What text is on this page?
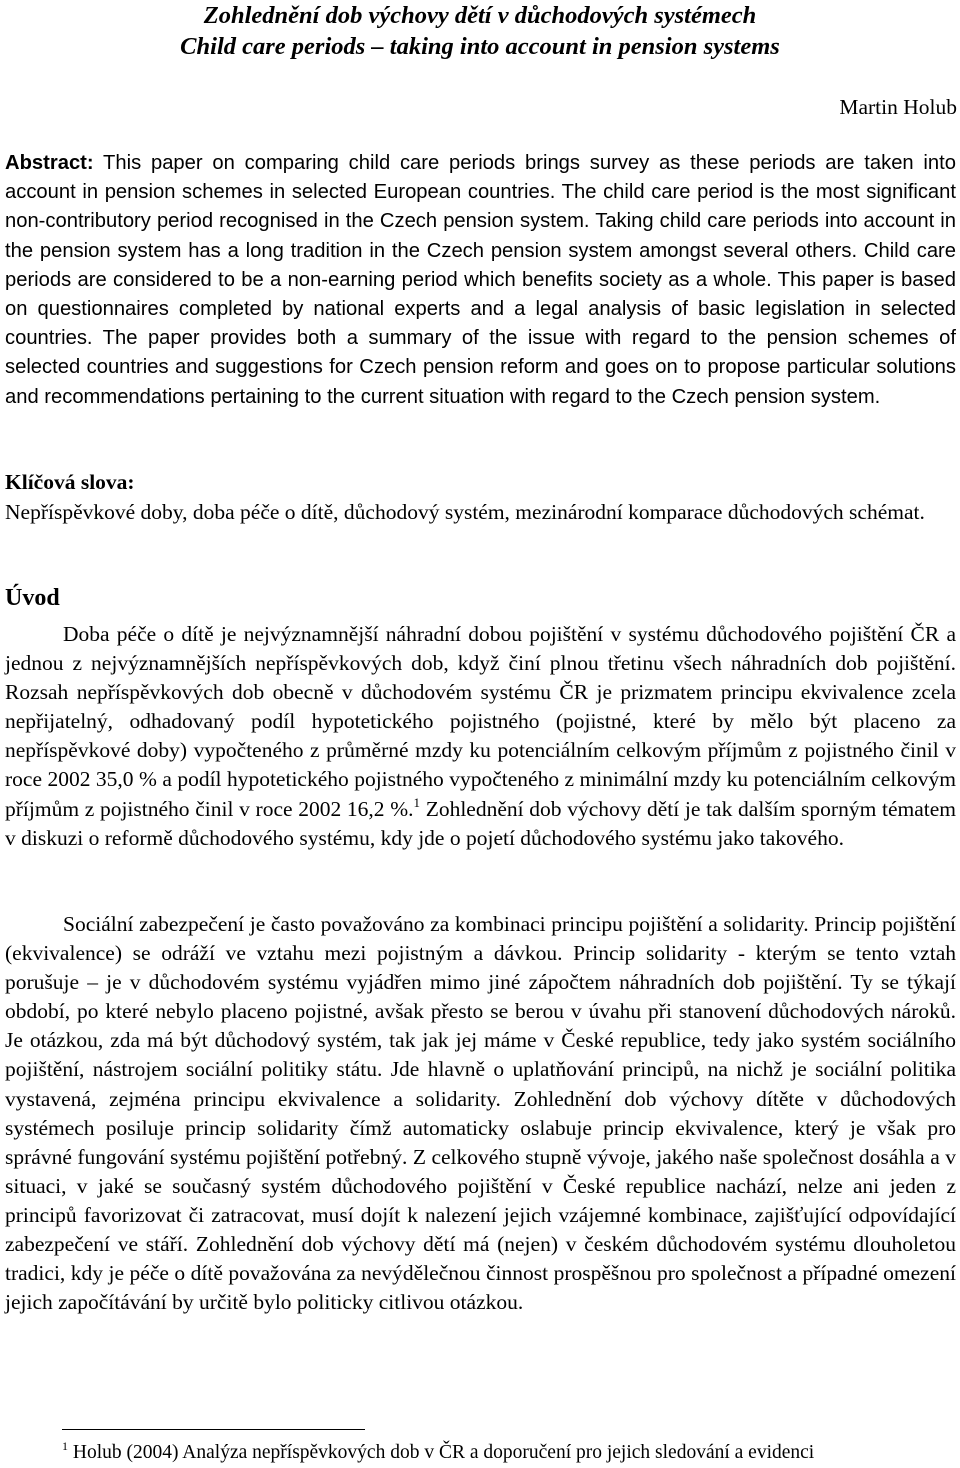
Zohlednění dob výchovy dětí v důchodových systémech
Child care periods – taking into account in pension systems

Martin Holub

Abstract: This paper on comparing child care periods brings survey as these periods are taken into account in pension schemes in selected European countries. The child care period is the most significant non-contributory period recognised in the Czech pension system. Taking child care periods into account in the pension system has a long tradition in the Czech pension system amongst several others. Child care periods are considered to be a non-earning period which benefits society as a whole. This paper is based on questionnaires completed by national experts and a legal analysis of basic legislation in selected countries. The paper provides both a summary of the issue with regard to the pension schemes of selected countries and suggestions for Czech pension reform and goes on to propose particular solutions and recommendations pertaining to the current situation with regard to the Czech pension system.

Klíčová slova:

Nepříspěvkové doby, doba péče o dítě, důchodový systém, mezinárodní komparace důchodových schémat.

Úvod

Doba péče o dítě je nejvýznamnější náhradní dobou pojištění v systému důchodového pojištění ČR a jednou z nejvýznamnějších nepříspěvkových dob, když činí plnou třetinu všech náhradních dob pojištění. Rozsah nepříspěvkových dob obecně v důchodovém systému ČR je prizmatem principu ekvivalence zcela nepřijatelný, odhadovaný podíl hypotetického pojistného (pojistné, které by mělo být placeno za nepříspěvkové doby) vypočteného z průměrné mzdy ku potenciálním celkovým příjmům z pojistného činil v roce 2002 35,0 % a podíl hypotetického pojistného vypočteného z minimální mzdy ku potenciálním celkovým příjmům z pojistného činil v roce 2002 16,2 %.$^1$ Zohlednění dob výchovy dětí je tak dalším sporným tématem v diskuzi o reformě důchodového systému, kdy jde o pojetí důchodového systému jako takového.

Sociální zabezpečení je často považováno za kombinaci principu pojištění a solidarity. Princip pojištění (ekvivalence) se odráží ve vztahu mezi pojistným a dávkou. Princip solidarity - kterým se tento vztah porušuje – je v důchodovém systému vyjádřen mimo jiné zápočtem náhradních dob pojištění. Ty se týkají období, po které nebylo placeno pojistné, avšak přesto se berou v úvahu při stanovení důchodových nároků. Je otázkou, zda má být důchodový systém, tak jak jej máme v České republice, tedy jako systém sociálního pojištění, nástrojem sociální politiky státu. Jde hlavně o uplatňování principů, na nichž je sociální politika vystavená, zejména principu ekvivalence a solidarity. Zohlednění dob výchovy dítěte v důchodových systémech posiluje princip solidarity čímž automaticky oslabuje princip ekvivalence, který je však pro správné fungování systému pojištění potřebný. Z celkového stupně vývoje, jakého naše společnost dosáhla a v situaci, v jaké se současný systém důchodového pojištění v České republice nachází, nelze ani jeden z principů favorizovat či zatracovat, musí dojít k nalezení jejich vzájemné kombinace, zajišťující odpovídající zabezpečení ve stáří. Zohlednění dob výchovy dětí má (nejen) v českém důchodovém systému dlouholetou tradici, kdy je péče o dítě považována za nevýdělečnou činnost prospěšnou pro společnost a případné omezení jejich započítávání by určitě bylo politicky citlivou otázkou.

$^1$ Holub (2004) Analýza nepříspěvkových dob v ČR a doporučení pro jejich sledování a evidenci
